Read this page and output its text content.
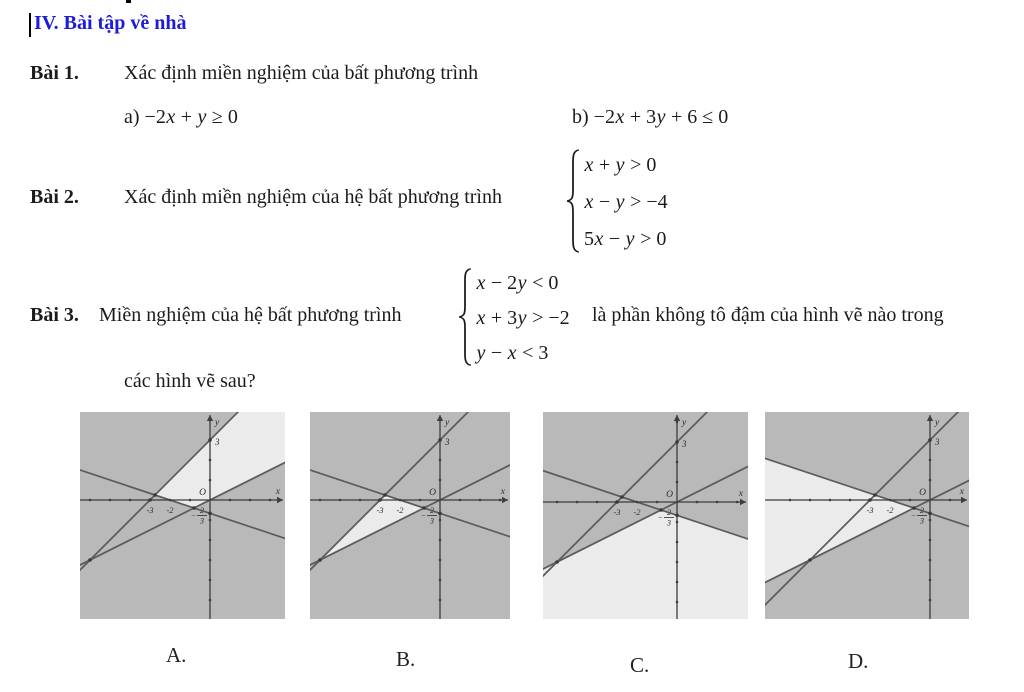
IV. Bài tập về nhà
Bài 1. Xác định miền nghiệm của bất phương trình
a) −2x + y ≥ 0	b) −2x + 3y + 6 ≤ 0
Bài 2. Xác định miền nghiệm của hệ bất phương trình
x + y > 0
x − y > −4
5x − y > 0
Bài 3. Miền nghiệm của hệ bất phương trình
x − 2y < 0
x + 3y > −2
y − x < 3
là phần không tô đậm của hình vẽ nào trong
các hình vẽ sau?
y
x
O
3
-3 -2
−
2
3
y
x
O
3
-3 -2
−
2
3
y
x
O
3
-3 -2
−
2
3
y
x
O
3
-3 -2
−
2
3
A.	B.	C.	D.
